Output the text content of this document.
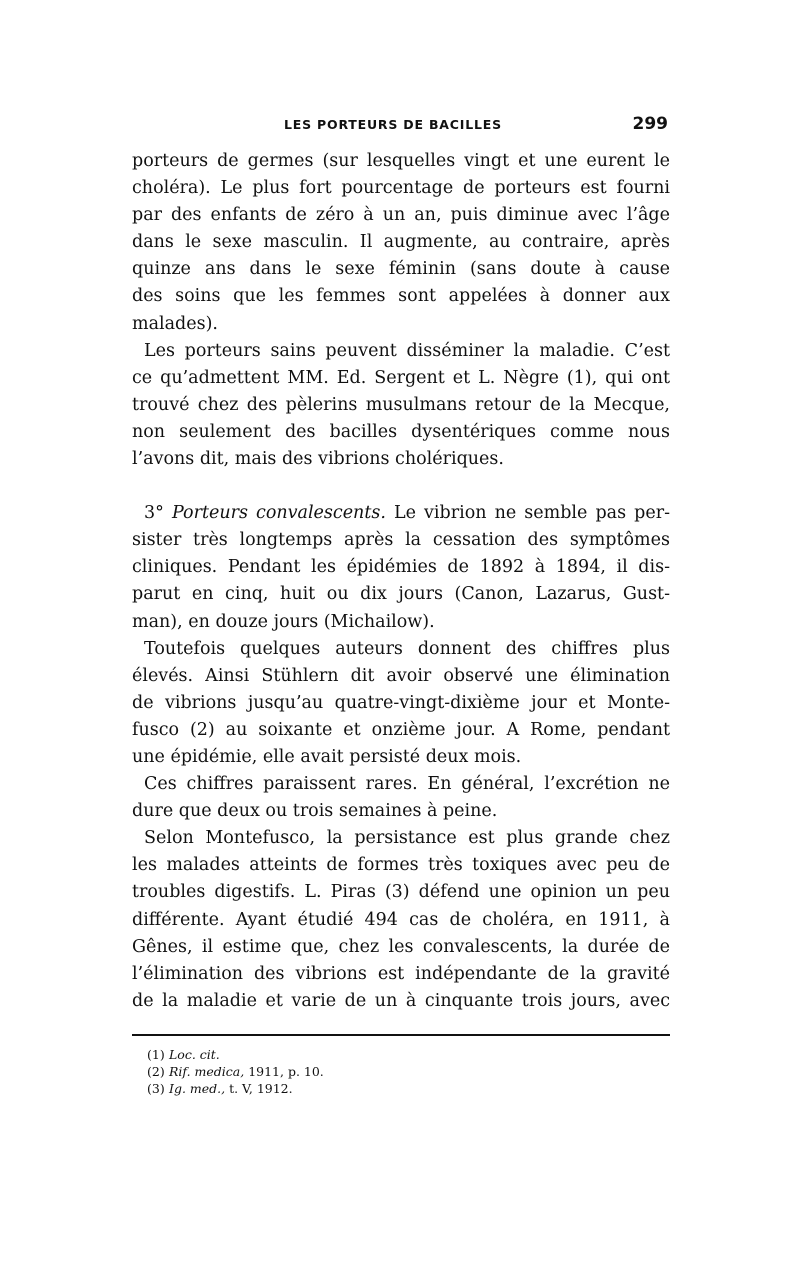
LES PORTEURS DE BACILLES	299

porteurs de germes (sur lesquelles vingt et une eurent le
choléra). Le plus fort pourcentage de porteurs est fourni
par des enfants de zéro à un an, puis diminue avec l’âge
dans le sexe masculin. Il augmente, au contraire, après
quinze ans dans le sexe féminin (sans doute à cause
des soins que les femmes sont appelées à donner aux
malades).

Les porteurs sains peuvent disséminer la maladie. C’est
ce qu’admettent MM. Ed. Sergent et L. Nègre (1), qui ont
trouvé chez des pèlerins musulmans retour de la Mecque,
non seulement des bacilles dysentériques comme nous
l’avons dit, mais des vibrions cholériques.

3° Porteurs convalescents. Le vibrion ne semble pas per-
sister très longtemps après la cessation des symptômes
cliniques. Pendant les épidémies de 1892 à 1894, il dis-
parut en cinq, huit ou dix jours (Canon, Lazarus, Gust-
man), en douze jours (Michailow).

Toutefois quelques auteurs donnent des chiffres plus
élevés. Ainsi Stühlern dit avoir observé une élimination
de vibrions jusqu’au quatre-vingt-dixième jour et Monte-
fusco (2) au soixante et onzième jour. A Rome, pendant
une épidémie, elle avait persisté deux mois.

Ces chiffres paraissent rares. En général, l’excrétion ne
dure que deux ou trois semaines à peine.

Selon Montefusco, la persistance est plus grande chez
les malades atteints de formes très toxiques avec peu de
troubles digestifs. L. Piras (3) défend une opinion un peu
différente. Ayant étudié 494 cas de choléra, en 1911, à
Gênes, il estime que, chez les convalescents, la durée de
l’élimination des vibrions est indépendante de la gravité
de la maladie et varie de un à cinquante trois jours, avec

(1) Loc. cit.
(2) Rif. medica, 1911, p. 10.
(3) Ig. med., t. V, 1912.
